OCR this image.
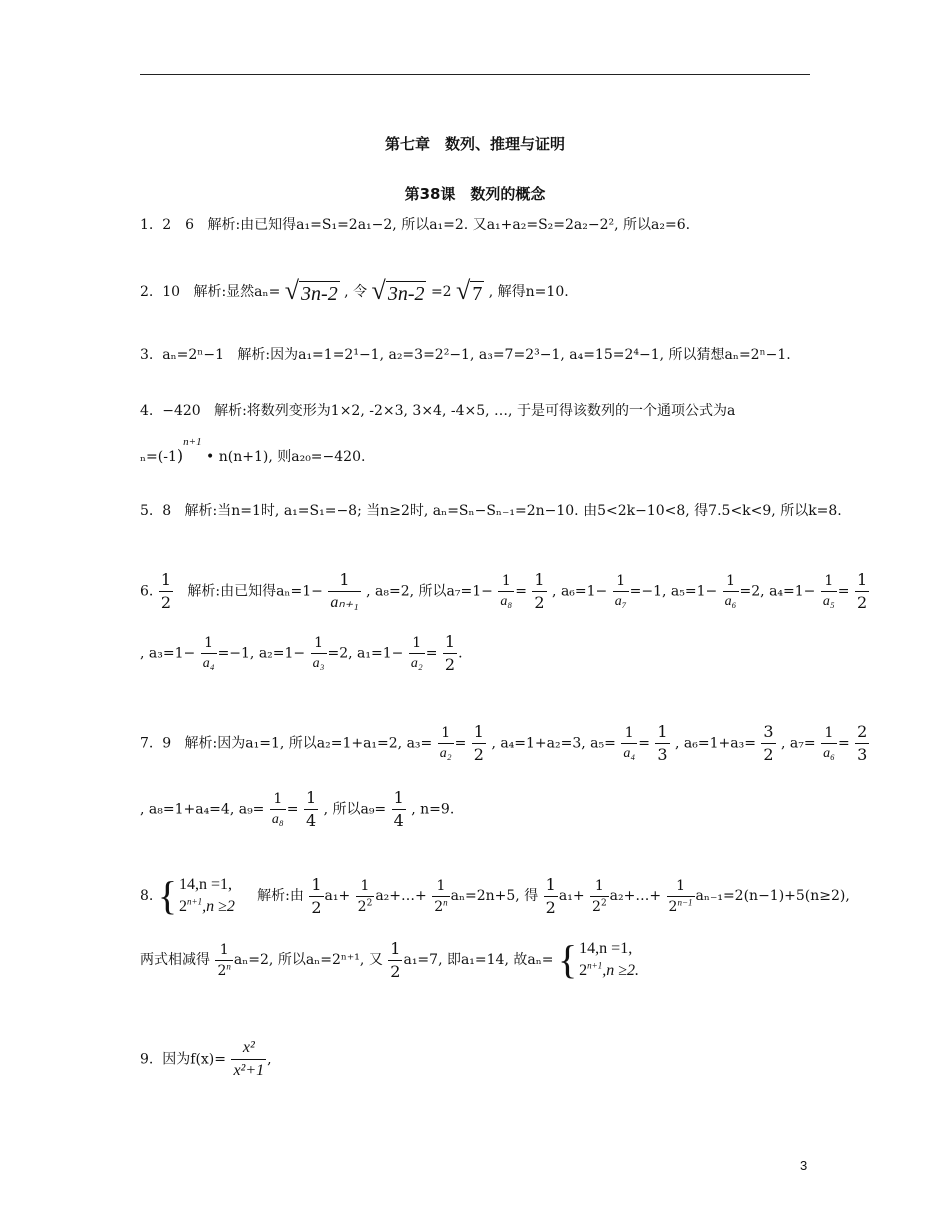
第七章　数列、推理与证明
第38课　数列的概念
1. 2　6 解析:由已知得a₁=S₁=2a₁−2, 所以a₁=2. 又a₁+a₂=S₂=2a₂−2², 所以a₂=6.
2. 10 解析:显然aₙ= √ 3n-2 , 令 √ 3n-2 =2 √ 7 , 解得n=10.
3. aₙ=2ⁿ−1 解析:因为a₁=1=2¹−1, a₂=3=2²−1, a₃=7=2³−1, a₄=15=2⁴−1, 所以猜想aₙ=2ⁿ−1.
4. −420 解析:将数列变形为1×2, -2×3, 3×4, -4×5, …, 于是可得该数列的一个通项公式为a
$_n=(-1)^{n+1}$ • n(n+1), 则a₂₀=−420.
5. 8 解析:当n=1时, a₁=S₁=−8; 当n≥2时, aₙ=Sₙ−Sₙ₋₁=2n−10. 由5<2k−10<8, 得7.5<k<9, 所以k=8.
6. $\frac{1}{2}$ 解析:由已知得$a_n=1- \frac{1}{\text{aₙ₊₁}}$ , a₈=2, 所以$a_7=1- \frac{1}{\text{a₈}} = \frac{1}{2}$ , $a_6=1- \frac{1}{\text{a₇}} =-1$, $a_5=1- \frac{1}{\text{a₆}} =2$, $a_4=1- \frac{1}{\text{a₅}} = \frac{1}{2}$
, $a_3=1- \frac{1}{\text{a₄}} =-1$, $a_2=1- \frac{1}{\text{a₃}} =2$, $a_1=1- \frac{1}{\text{a₂}} = \frac{1}{2}$ .
7. 9 解析:因为a₁=1, 所以a₂=1+a₁=2, $a_3= \frac{1}{\text{a₂}} = \frac{1}{2}$ , a₄=1+a₂=3, $a_5= \frac{1}{\text{a₄}} = \frac{1}{3}$ , $a_6=1+a_3= \frac{3}{2}$ , $a_7= \frac{1}{\text{a₆}} = \frac{2}{3}$
, a₈=1+a₄=4, $a_9= \frac{1}{\text{a₈}} = \frac{1}{4}$ , 所以$a_9= \frac{1}{4}$ , n=9.
8. { 14,n =1,
$2^{n+1},n \ge 2$
解析:由 $\frac{1}{2} a_1+ \frac{1}{2^2}$ a₂+…+ $\frac{1}{2^n} a_n=2n+5$, 得 $\frac{1}{2} a_1+ \frac{1}{2^2}$ a₂+…+ $\frac{1}{2^{n-1}} a_{n-1}=2(n-1)+5(n\ge 2)$,
两式相减得 $\frac{1}{2^n} a_n=2$, 所以aₙ=2ⁿ⁺¹, 又 $\frac{1}{2} a_1=7$, 即a₁=14, 故aₙ= { 14,n =1,
$2^{n+1},n \ge 2$.
9. 因为$f(x)= \frac{\text{x²}}{\text{x²+1}}$ ,
3
